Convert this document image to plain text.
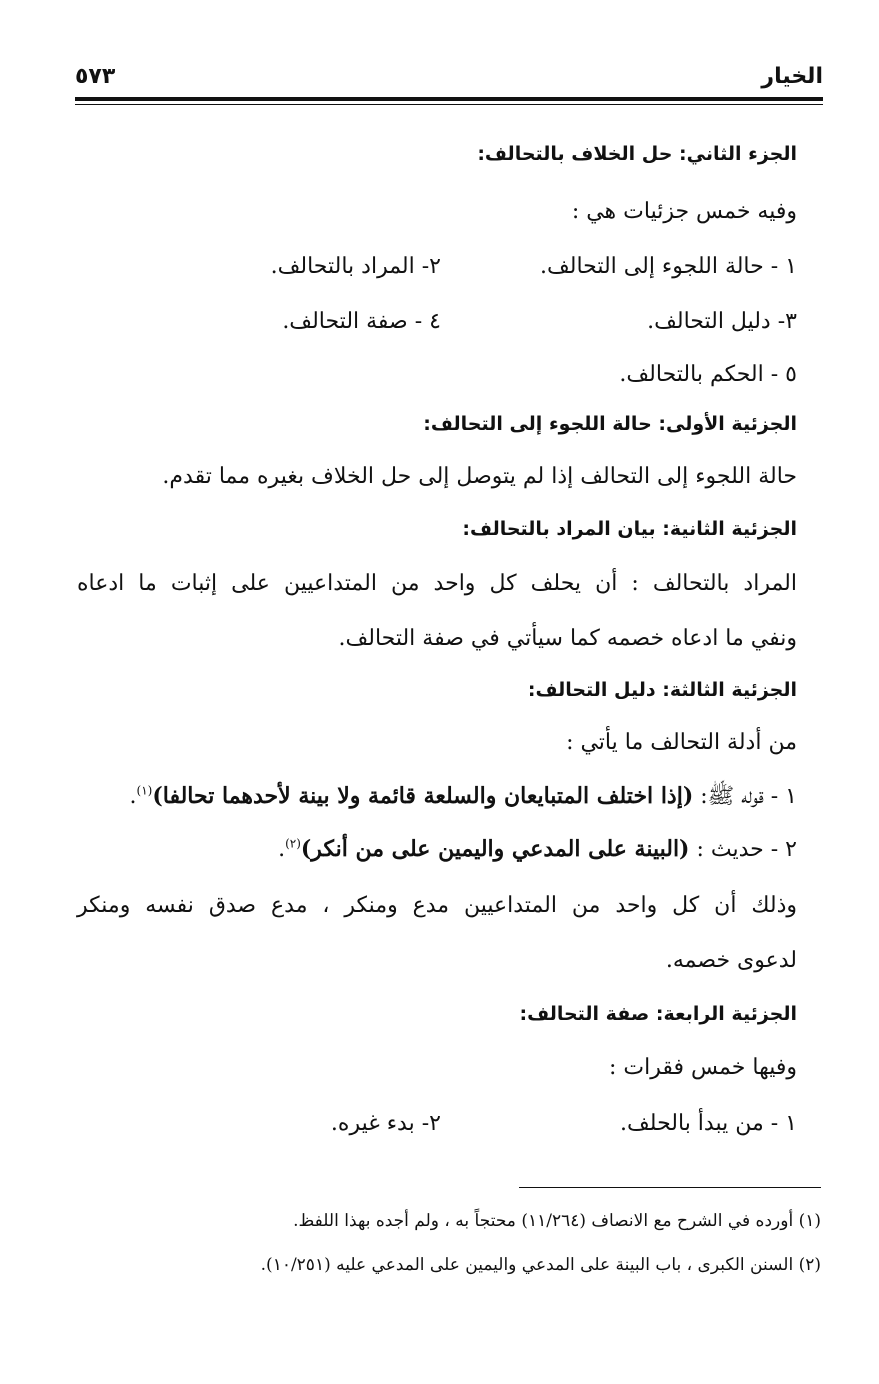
الخيار
٥٧٣
الجزء الثاني: حل الخلاف بالتحالف:
وفيه خمس جزئيات هي :
١ - حالة اللجوء إلى التحالف.
٢- المراد بالتحالف.
٣- دليل التحالف.
٤ - صفة التحالف.
٥ - الحكم بالتحالف.
الجزئية الأولى: حالة اللجوء إلى التحالف:
حالة اللجوء إلى التحالف إذا لم يتوصل إلى حل الخلاف بغيره مما تقدم.
الجزئية الثانية: بيان المراد بالتحالف:
المراد بالتحالف : أن يحلف كل واحد من المتداعيين على إثبات ما ادعاه
ونفي ما ادعاه خصمه كما سيأتي في صفة التحالف.
الجزئية الثالثة: دليل التحالف:
من أدلة التحالف ما يأتي :
١ - قوله ﷺ: (إذا اختلف المتبايعان والسلعة قائمة ولا بينة لأحدهما تحالفا)$^{(١)}$.
٢ - حديث : (البينة على المدعي واليمين على من أنكر)$^{(٢)}$.
وذلك أن كل واحد من المتداعيين مدع ومنكر ، مدع صدق نفسه ومنكر
لدعوى خصمه.
الجزئية الرابعة: صفة التحالف:
وفيها خمس فقرات :
١ - من يبدأ بالحلف.
٢- بدء غيره.
(١) أورده في الشرح مع الانصاف (١١/٢٦٤) محتجاً به ، ولم أجده بهذا اللفظ.
(٢) السنن الكبرى ، باب البينة على المدعي واليمين على المدعي عليه (١٠/٢٥١).
